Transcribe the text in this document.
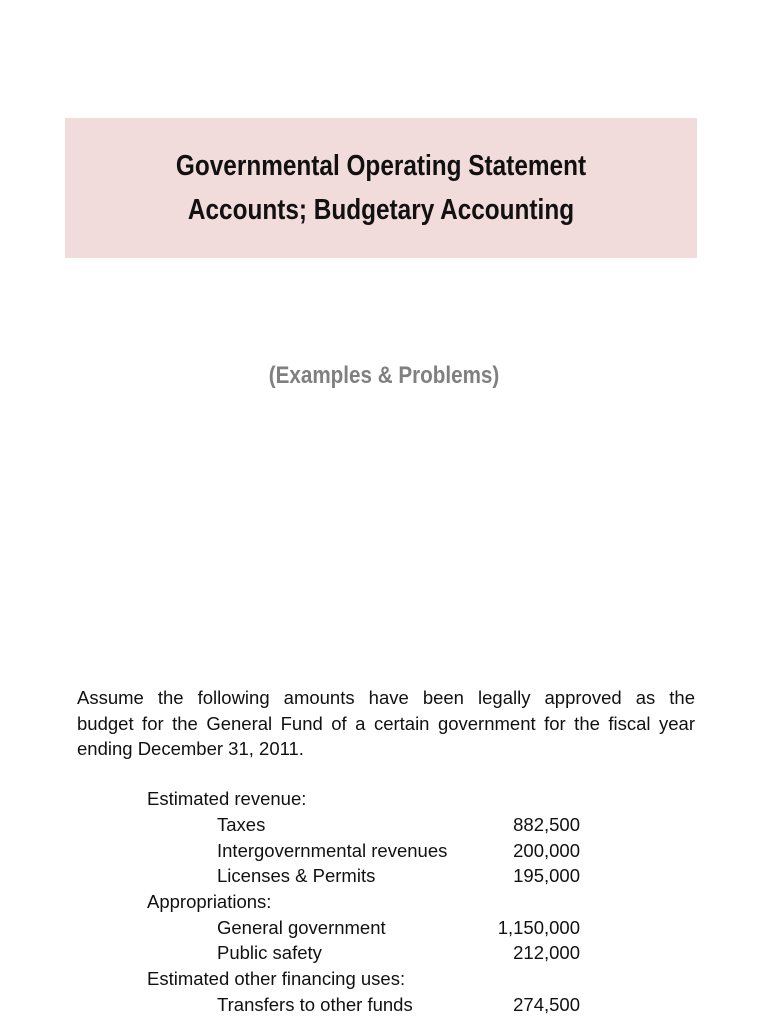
Governmental Operating Statement
Accounts; Budgetary Accounting
(Examples & Problems)
Assume the following amounts have been legally approved as the
budget for the General Fund of a certain government for the fiscal year
ending December 31, 2011.
Estimated revenue:
Taxes	882,500
Intergovernmental revenues	200,000
Licenses & Permits	195,000
Appropriations:
General government	1,150,000
Public safety	212,000
Estimated other financing uses:
Transfers to other funds	274,500
